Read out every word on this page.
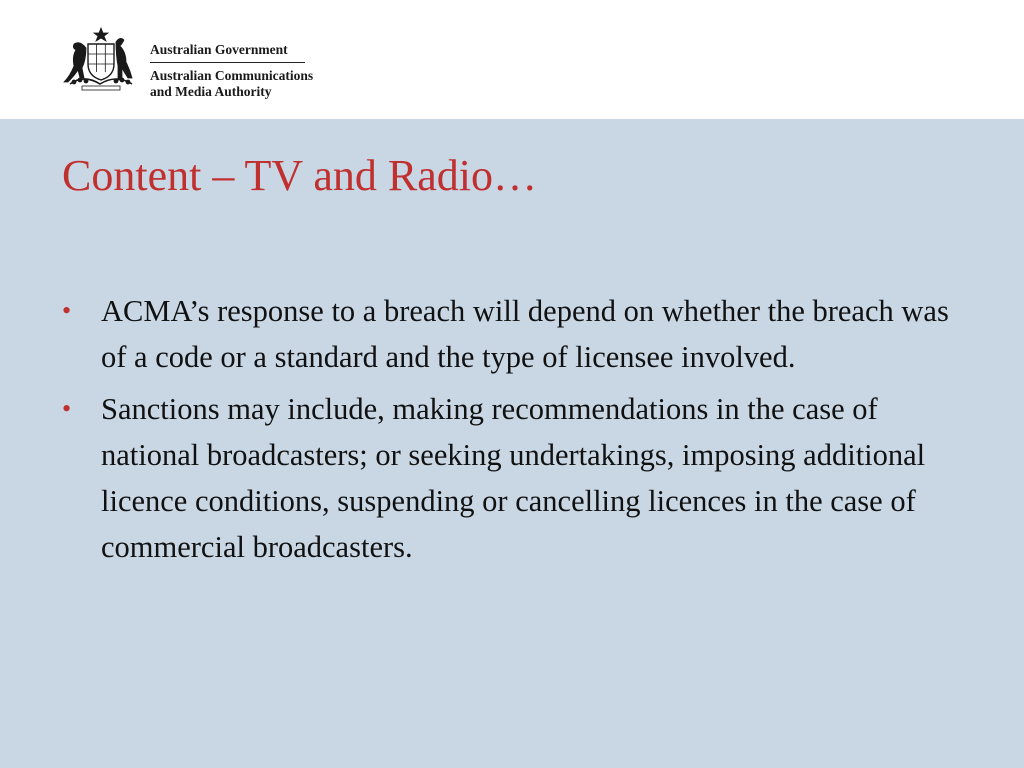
Australian Government
Australian Communications
and Media Authority
Content – TV and Radio…
• ACMA’s response to a breach will depend on whether the breach was of a code or a standard and the type of licensee involved.
• Sanctions may include, making recommendations in the case of national broadcasters; or seeking undertakings, imposing additional licence conditions, suspending or cancelling licences in the case of commercial broadcasters.
